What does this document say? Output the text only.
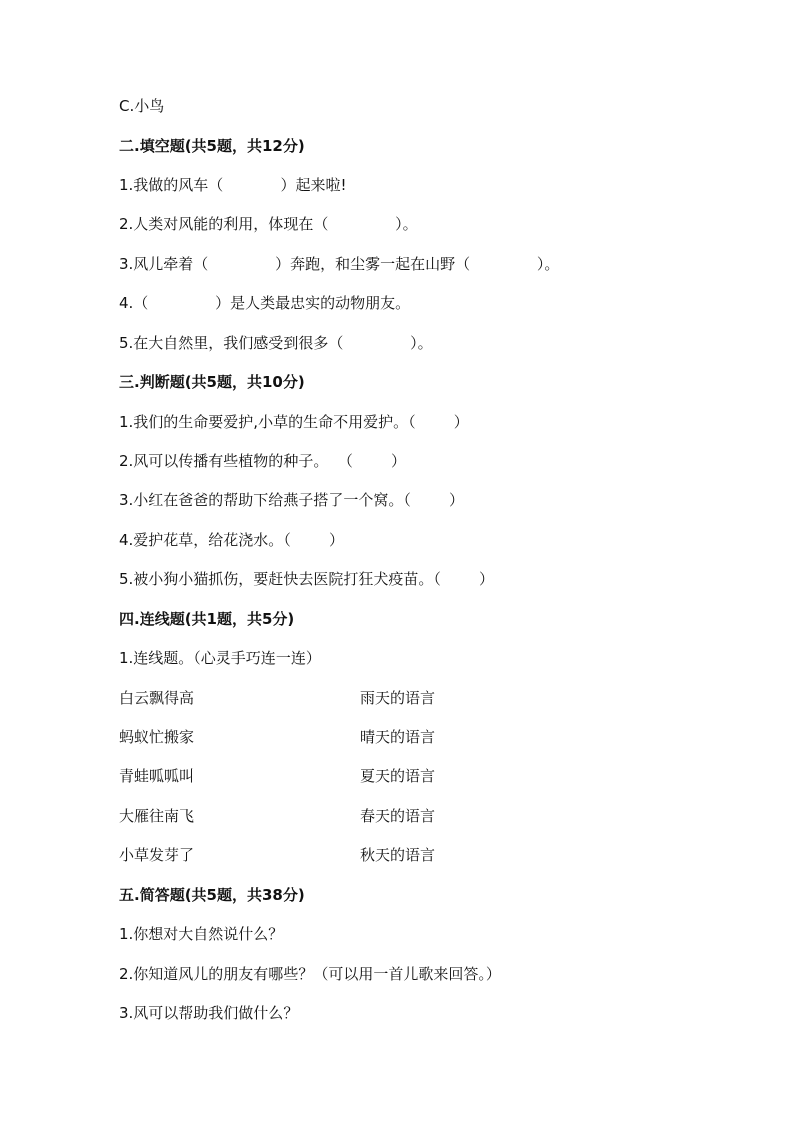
C.小鸟
二.填空题(共5题，共12分)
1.我做的风车（            ）起来啦!
2.人类对风能的利用，体现在（              ）。
3.风儿牵着（              ）奔跑，和尘雾一起在山野（              ）。
4.（              ）是人类最忠实的动物朋友。
5.在大自然里，我们感受到很多（              ）。
三.判断题(共5题，共10分)
1.我们的生命要爱护,小草的生命不用爱护。（        ）
2.风可以传播有些植物的种子。  （        ）
3.小红在爸爸的帮助下给燕子搭了一个窝。（        ）
4.爱护花草，给花浇水。（        ）
5.被小狗小猫抓伤，要赶快去医院打狂犬疫苗。（        ）
四.连线题(共1题，共5分)
1.连线题。（心灵手巧连一连）
白云飘得高	雨天的语言
蚂蚁忙搬家	晴天的语言
青蛙呱呱叫	夏天的语言
大雁往南飞	春天的语言
小草发芽了	秋天的语言
五.简答题(共5题，共38分)
1.你想对大自然说什么？
2.你知道风儿的朋友有哪些？（可以用一首儿歌来回答。）
3.风可以帮助我们做什么？
